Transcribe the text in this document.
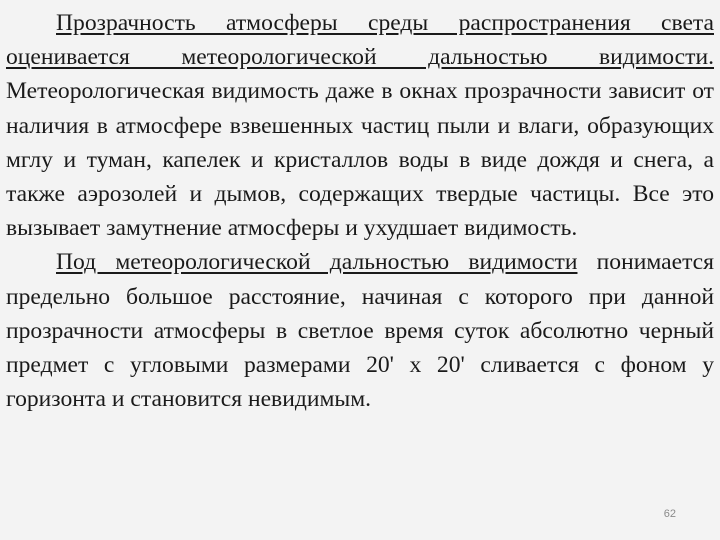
Прозрачность атмосферы среды распространения света оценивается метеорологической дальностью видимости. Метеорологическая видимость даже в окнах прозрачности зависит от наличия в атмосфере взвешенных частиц пыли и влаги, образующих мглу и туман, капелек и кристаллов воды в виде дождя и снега, а также аэрозолей и дымов, содержащих твердые частицы. Все это вызывает замутнение атмосферы и ухудшает видимость.

Под метеорологической дальностью видимости понимается предельно большое расстояние, начиная с которого при данной прозрачности атмосферы в светлое время суток абсолютно черный предмет с угловыми размерами 20' х 20' сливается с фоном у горизонта и становится невидимым.

62
